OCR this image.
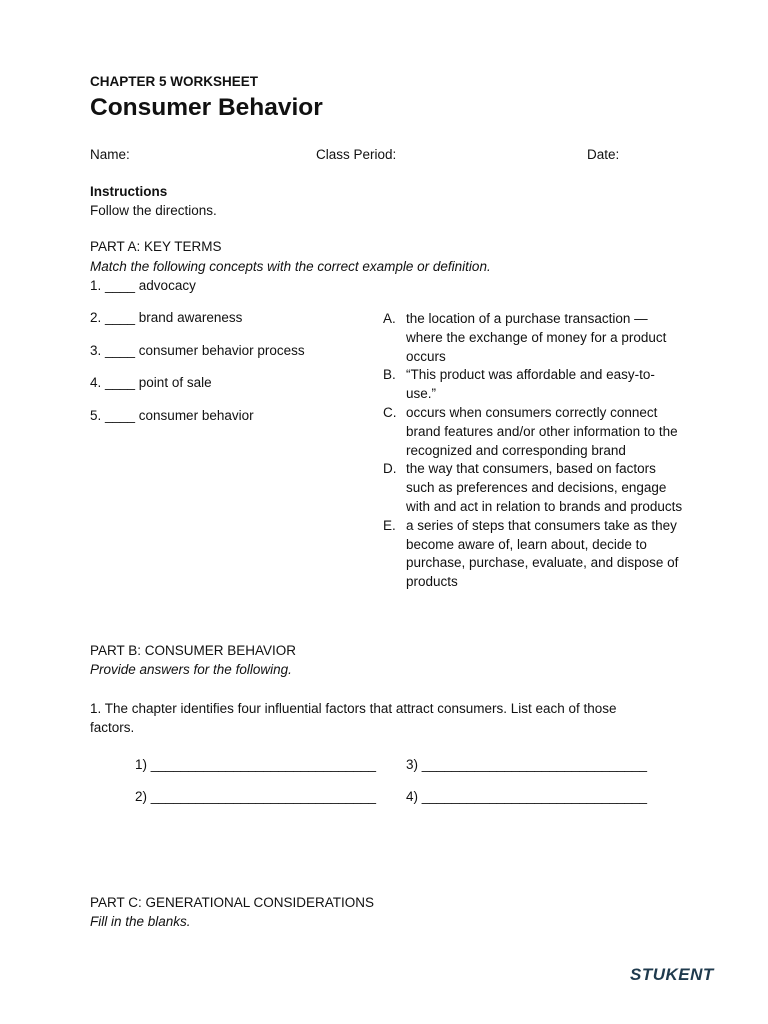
CHAPTER 5 WORKSHEET
Consumer Behavior
Name:	Class Period:	Date:
Instructions
Follow the directions.
PART A: KEY TERMS
Match the following concepts with the correct example or definition.
1. ____ advocacy
2. ____ brand awareness
3. ____ consumer behavior process
4. ____ point of sale
5. ____ consumer behavior
A. the location of a purchase transaction — where the exchange of money for a product occurs
B. “This product was affordable and easy-to-use.”
C. occurs when consumers correctly connect brand features and/or other information to the recognized and corresponding brand
D. the way that consumers, based on factors such as preferences and decisions, engage with and act in relation to brands and products
E. a series of steps that consumers take as they become aware of, learn about, decide to purchase, purchase, evaluate, and dispose of products
PART B: CONSUMER BEHAVIOR
Provide answers for the following.
1. The chapter identifies four influential factors that attract consumers. List each of those factors.
1) ______________________________ 3) ______________________________
2) ______________________________ 4) ______________________________
PART C: GENERATIONAL CONSIDERATIONS
Fill in the blanks.
STUKENT
